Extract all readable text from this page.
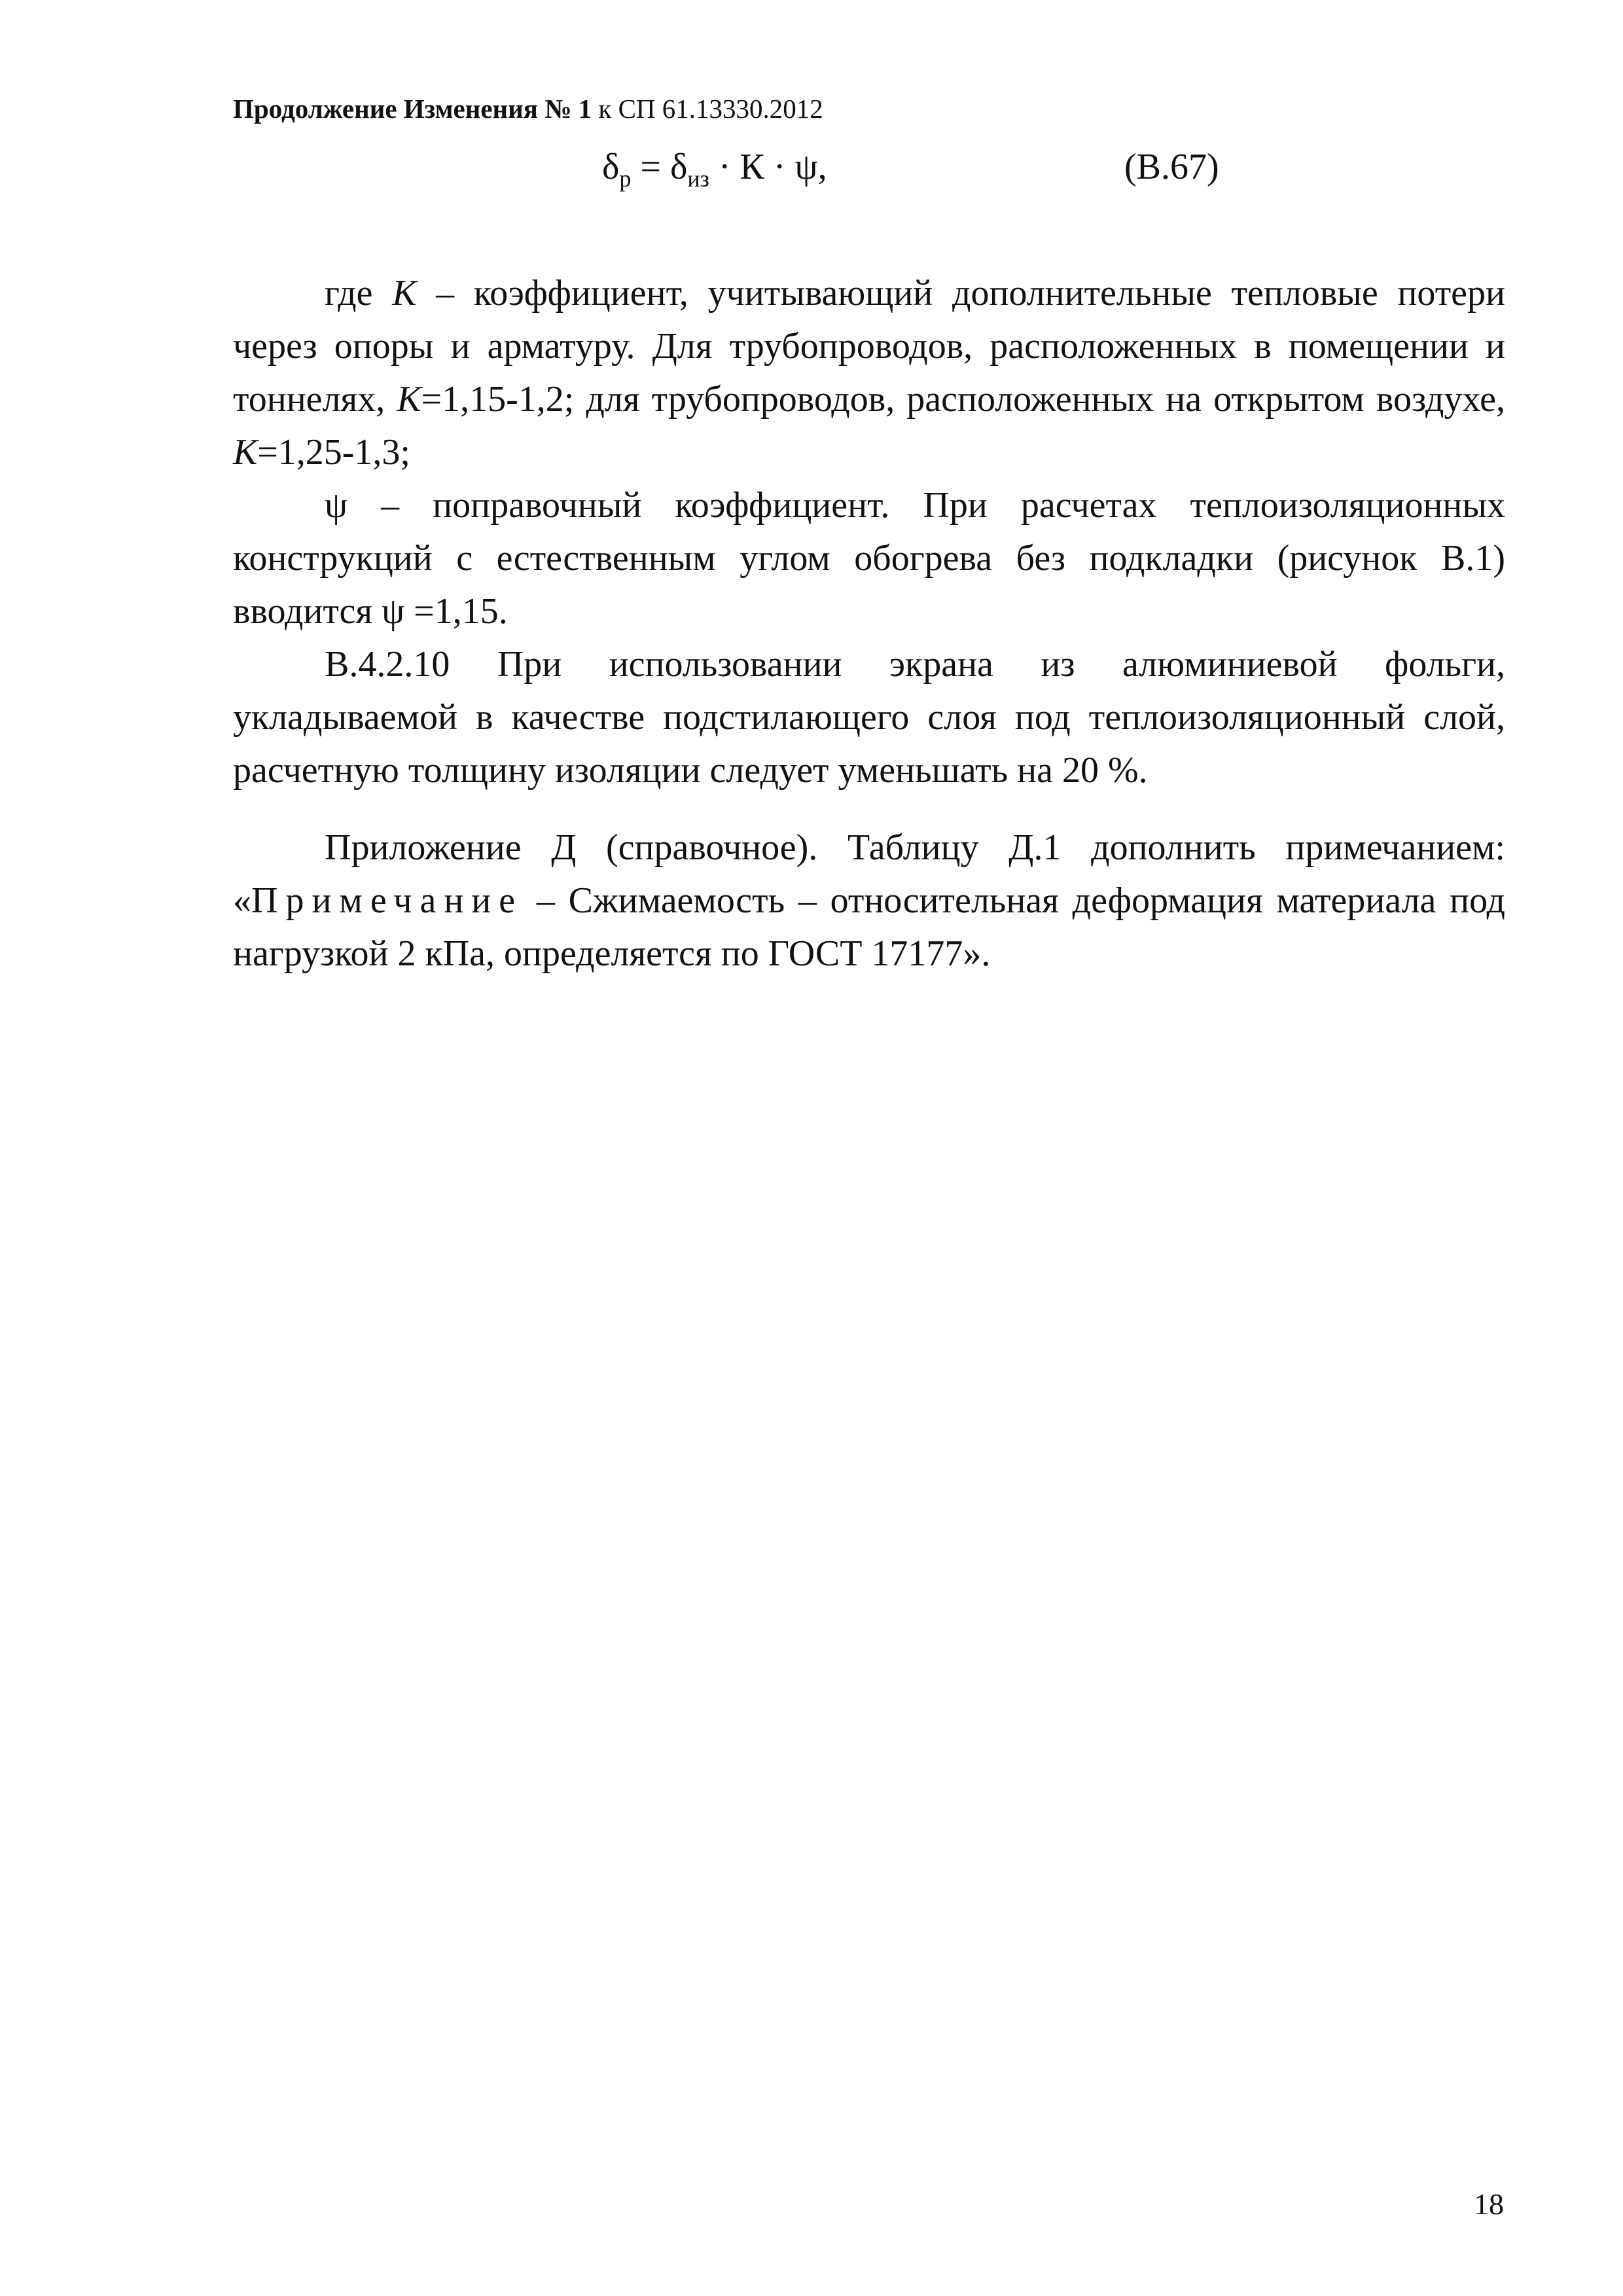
Продолжение Изменения № 1 к СП 61.13330.2012
$\delta_р = \delta_{из} \cdot К \cdot \psi$,	(В.67)

где К – коэффициент, учитывающий дополнительные тепловые потери через опоры и арматуру. Для трубопроводов, расположенных в помещении и тоннелях, К=1,15-1,2; для трубопроводов, расположенных на открытом воздухе, К=1,25-1,3;

ψ – поправочный коэффициент. При расчетах теплоизоляционных конструкций с естественным углом обогрева без подкладки (рисунок В.1) вводится ψ =1,15.

В.4.2.10 При использовании экрана из алюминиевой фольги, укладываемой в качестве подстилающего слоя под теплоизоляционный слой, расчетную толщину изоляции следует уменьшать на 20 %.

Приложение Д (справочное). Таблицу Д.1 дополнить примечанием: «Примечание – Сжимаемость – относительная деформация материала под нагрузкой 2 кПа, определяется по ГОСТ 17177».

18
